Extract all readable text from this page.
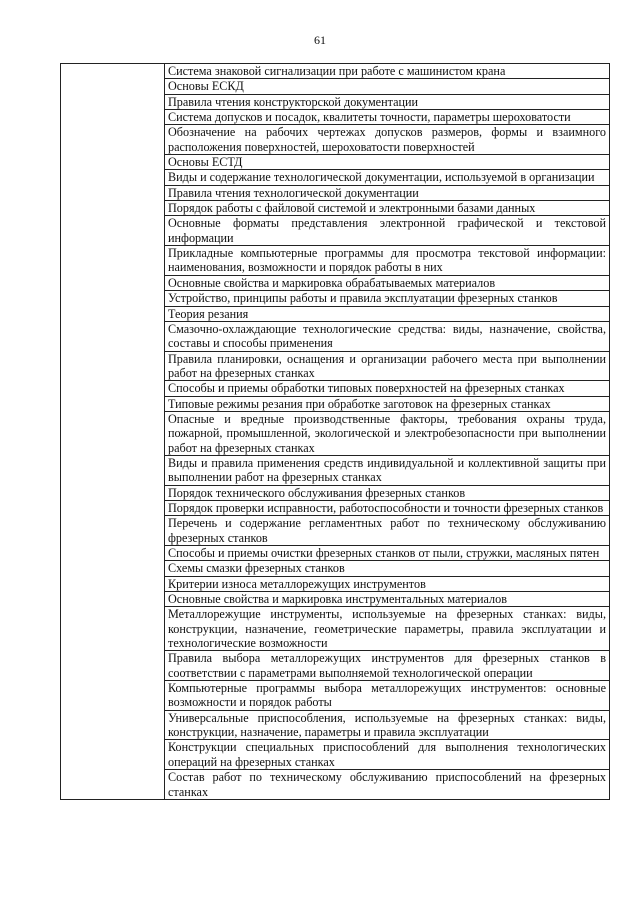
61
	Система знаковой сигнализации при работе с машинистом крана
Основы ЕСКД
Правила чтения конструкторской документации
Система допусков и посадок, квалитеты точности, параметры шероховатости
Обозначение на рабочих чертежах допусков размеров, формы и взаимного расположения поверхностей, шероховатости поверхностей
Основы ЕСТД
Виды и содержание технологической документации, используемой в организации
Правила чтения технологической документации
Порядок работы с файловой системой и электронными базами данных
Основные форматы представления электронной графической и текстовой информации
Прикладные компьютерные программы для просмотра текстовой информации: наименования, возможности и порядок работы в них
Основные свойства и маркировка обрабатываемых материалов
Устройство, принципы работы и правила эксплуатации фрезерных станков
Теория резания
Смазочно-охлаждающие технологические средства: виды, назначение, свойства, составы и способы применения
Правила планировки, оснащения и организации рабочего места при выполнении работ на фрезерных станках
Способы и приемы обработки типовых поверхностей на фрезерных станках
Типовые режимы резания при обработке заготовок на фрезерных станках
Опасные и вредные производственные факторы, требования охраны труда, пожарной, промышленной, экологической и электробезопасности при выполнении работ на фрезерных станках
Виды и правила применения средств индивидуальной и коллективной защиты при выполнении работ на фрезерных станках
Порядок технического обслуживания фрезерных станков
Порядок проверки исправности, работоспособности и точности фрезерных станков
Перечень и содержание регламентных работ по техническому обслуживанию фрезерных станков
Способы и приемы очистки фрезерных станков от пыли, стружки, масляных пятен
Схемы смазки фрезерных станков
Критерии износа металлорежущих инструментов
Основные свойства и маркировка инструментальных материалов
Металлорежущие инструменты, используемые на фрезерных станках: виды, конструкции, назначение, геометрические параметры, правила эксплуатации и технологические возможности
Правила выбора металлорежущих инструментов для фрезерных станков в соответствии с параметрами выполняемой технологической операции
Компьютерные программы выбора металлорежущих инструментов: основные возможности и порядок работы
Универсальные приспособления, используемые на фрезерных станках: виды, конструкции, назначение, параметры и правила эксплуатации
Конструкции специальных приспособлений для выполнения технологических операций на фрезерных станках
Состав работ по техническому обслуживанию приспособлений на фрезерных станках
